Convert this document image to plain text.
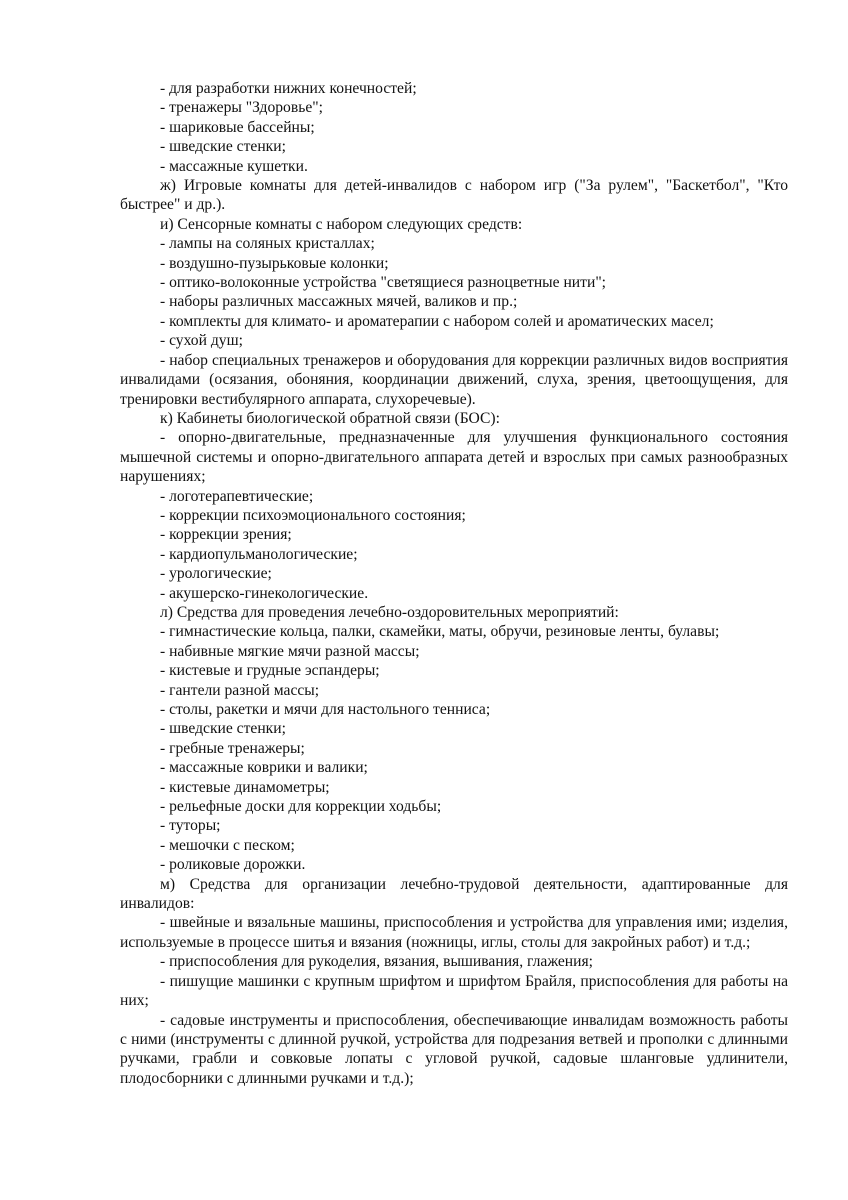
- для разработки нижних конечностей;

- тренажеры "Здоровье";

- шариковые бассейны;

- шведские стенки;

- массажные кушетки.

ж) Игровые комнаты для детей-инвалидов с набором игр ("За рулем", "Баскетбол", "Кто быстрее" и др.).

и) Сенсорные комнаты с набором следующих средств:

- лампы на соляных кристаллах;

- воздушно-пузырьковые колонки;

- оптико-волоконные устройства "светящиеся разноцветные нити";

- наборы различных массажных мячей, валиков и пр.;

- комплекты для климато- и ароматерапии с набором солей и ароматических масел;

- сухой душ;

- набор специальных тренажеров и оборудования для коррекции различных видов восприятия инвалидами (осязания, обоняния, координации движений, слуха, зрения, цветоощущения, для тренировки вестибулярного аппарата, слухоречевые).

к) Кабинеты биологической обратной связи (БОС):

- опорно-двигательные, предназначенные для улучшения функционального состояния мышечной системы и опорно-двигательного аппарата детей и взрослых при самых разнообразных нарушениях;

- логотерапевтические;

- коррекции психоэмоционального состояния;

- коррекции зрения;

- кардиопульманологические;

- урологические;

- акушерско-гинекологические.

л) Средства для проведения лечебно-оздоровительных мероприятий:

- гимнастические кольца, палки, скамейки, маты, обручи, резиновые ленты, булавы;

- набивные мягкие мячи разной массы;

- кистевые и грудные эспандеры;

- гантели разной массы;

- столы, ракетки и мячи для настольного тенниса;

- шведские стенки;

- гребные тренажеры;

- массажные коврики и валики;

- кистевые динамометры;

- рельефные доски для коррекции ходьбы;

- туторы;

- мешочки с песком;

- роликовые дорожки.

м) Средства для организации лечебно-трудовой деятельности, адаптированные для инвалидов:

- швейные и вязальные машины, приспособления и устройства для управления ими; изделия, используемые в процессе шитья и вязания (ножницы, иглы, столы для закройных работ) и т.д.;

- приспособления для рукоделия, вязания, вышивания, глажения;

- пишущие машинки с крупным шрифтом и шрифтом Брайля, приспособления для работы на них;

- садовые инструменты и приспособления, обеспечивающие инвалидам возможность работы с ними (инструменты с длинной ручкой, устройства для подрезания ветвей и прополки с длинными ручками, грабли и совковые лопаты с угловой ручкой, садовые шланговые удлинители, плодосборники с длинными ручками и т.д.);
